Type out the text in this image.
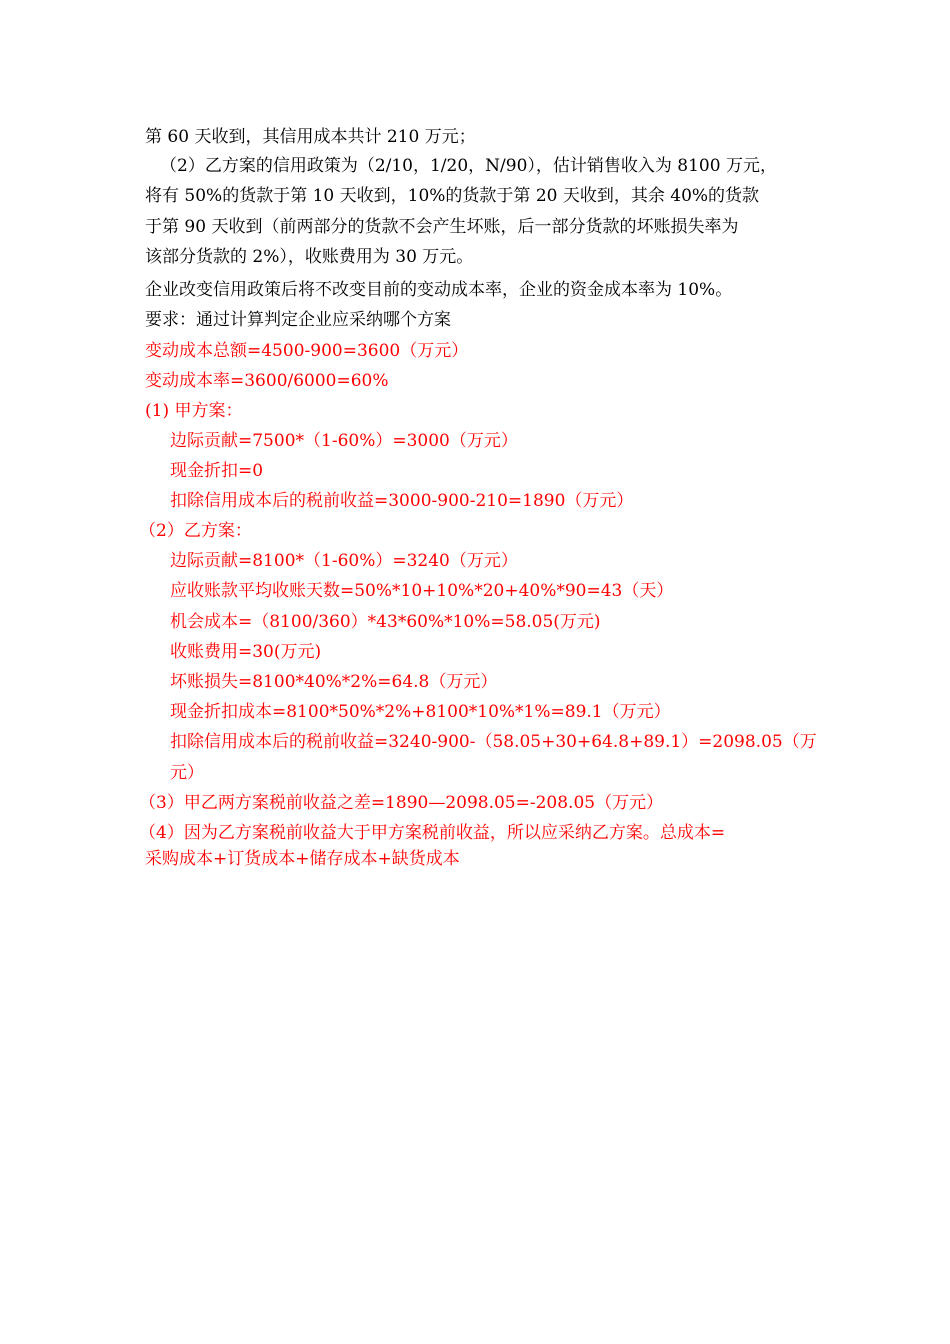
第 60 天收到，其信用成本共计 210 万元；
（2）乙方案的信用政策为（2/10，1/20，N/90），估计销售收入为 8100 万元，
将有 50%的货款于第 10 天收到，10%的货款于第 20 天收到，其余 40%的货款
于第 90 天收到（前两部分的货款不会产生坏账，后一部分货款的坏账损失率为
该部分货款的 2%），收账费用为 30 万元。
企业改变信用政策后将不改变目前的变动成本率，企业的资金成本率为 10%。
要求：通过计算判定企业应采纳哪个方案
变动成本总额=4500-900=3600（万元）
变动成本率=3600/6000=60%
(1) 甲方案：
边际贡献=7500*（1-60%）=3000（万元）
现金折扣=0
扣除信用成本后的税前收益=3000-900-210=1890（万元）
（2）乙方案：
边际贡献=8100*（1-60%）=3240（万元）
应收账款平均收账天数=50%*10+10%*20+40%*90=43（天）
机会成本=（8100/360）*43*60%*10%=58.05(万元)
收账费用=30(万元)
坏账损失=8100*40%*2%=64.8（万元）
现金折扣成本=8100*50%*2%+8100*10%*1%=89.1（万元）
扣除信用成本后的税前收益=3240-900-（58.05+30+64.8+89.1）=2098.05（万
元）
（3）甲乙两方案税前收益之差=1890—2098.05=-208.05（万元）
（4）因为乙方案税前收益大于甲方案税前收益，所以应采纳乙方案。总成本=
采购成本+订货成本+储存成本+缺货成本
